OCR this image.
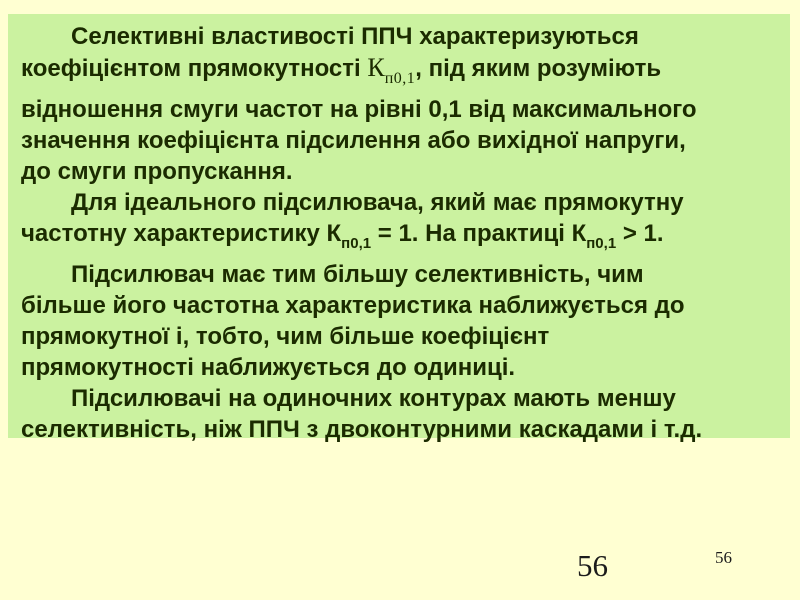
Селективні властивості ППЧ характеризуються
коефіцієнтом прямокутності $К_{п0,1}$, під яким розуміють
відношення смуги частот на рівні 0,1 від максимального
значення коефіцієнта підсилення або вихідної напруги,
до смуги пропускання.
Для ідеального підсилювача, який має прямокутну
частотну характеристику $К_{п0,1} = 1$. На практиці $К_{п0,1} > 1$.
Підсилювач має тим більшу селективність, чим
більше його частотна характеристика наближується до
прямокутної і, тобто, чим більше коефіцієнт
прямокутності наближується до одиниці.
Підсилювачі на одиночних контурах мають меншу
селективність, ніж ППЧ з двоконтурними каскадами і т.д.
56	56
